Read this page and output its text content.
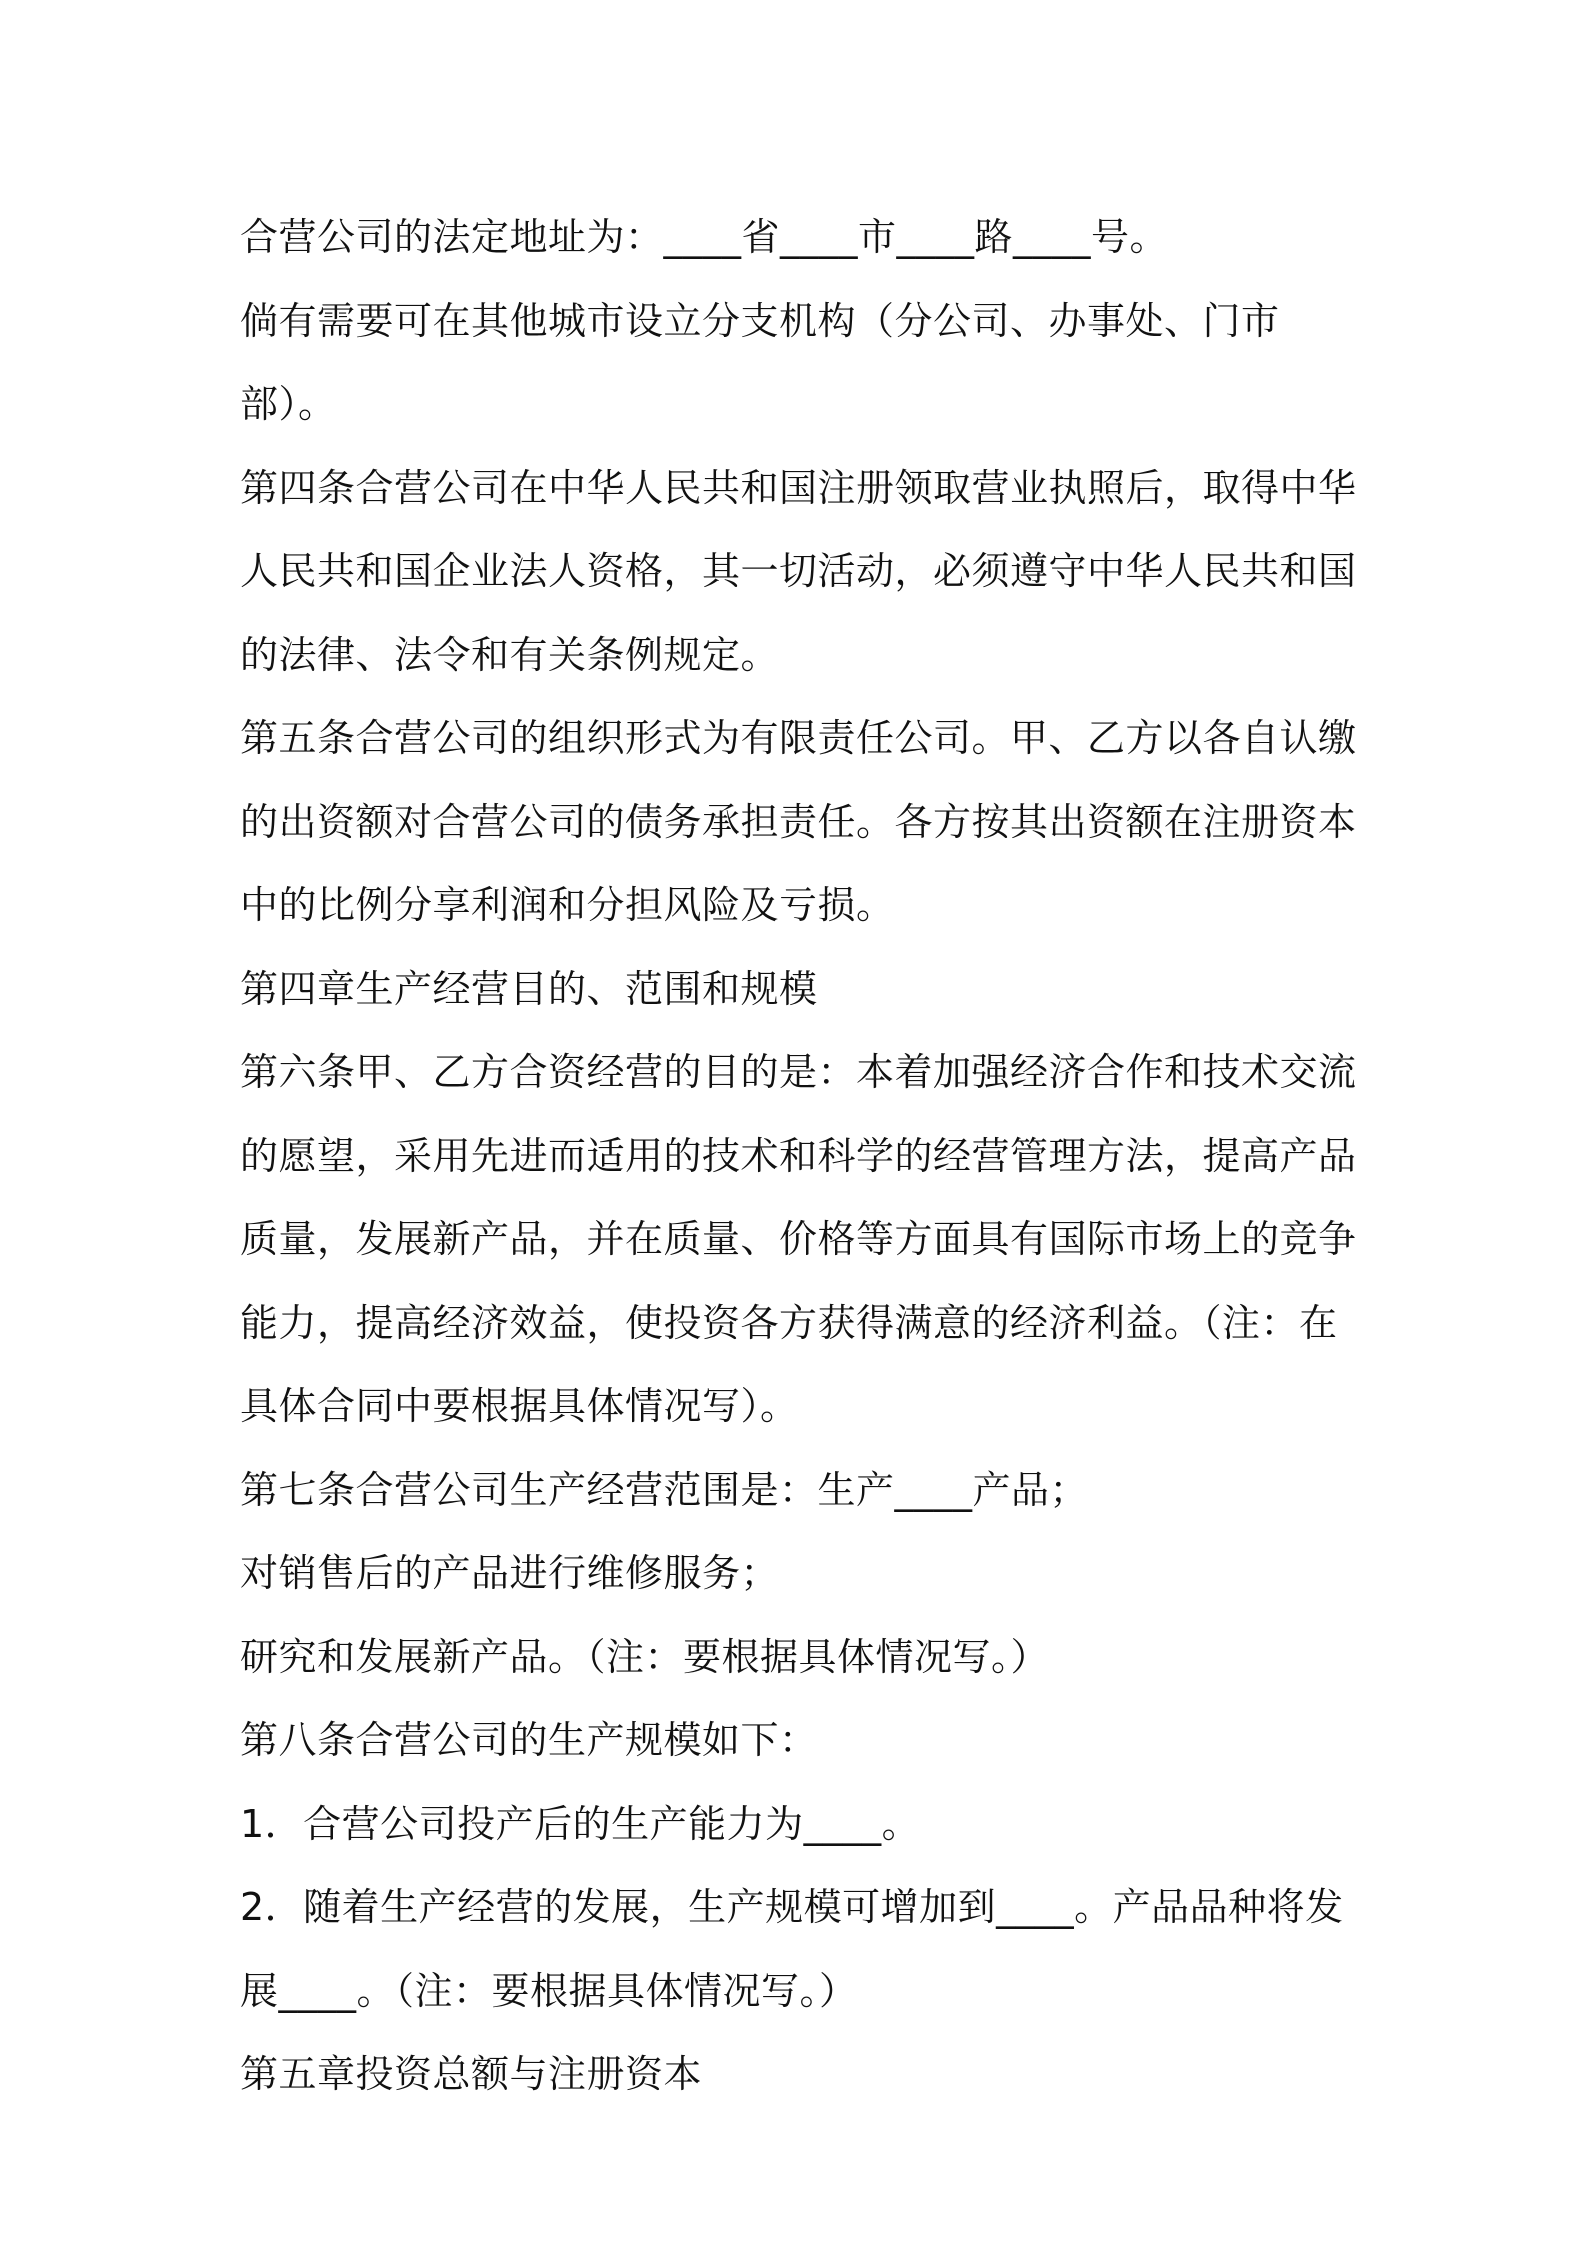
合营公司的法定地址为：____省____市____路____号。

倘有需要可在其他城市设立分支机构（分公司、办事处、门市部）。

第四条合营公司在中华人民共和国注册领取营业执照后，取得中华人民共和国企业法人资格，其一切活动，必须遵守中华人民共和国的法律、法令和有关条例规定。

第五条合营公司的组织形式为有限责任公司。甲、乙方以各自认缴的出资额对合营公司的债务承担责任。各方按其出资额在注册资本中的比例分享利润和分担风险及亏损。

第四章生产经营目的、范围和规模

第六条甲、乙方合资经营的目的是：本着加强经济合作和技术交流的愿望，采用先进而适用的技术和科学的经营管理方法，提高产品质量，发展新产品，并在质量、价格等方面具有国际市场上的竞争能力，提高经济效益，使投资各方获得满意的经济利益。（注：在具体合同中要根据具体情况写）。

第七条合营公司生产经营范围是：生产____产品；

对销售后的产品进行维修服务；

研究和发展新产品。（注：要根据具体情况写。）

第八条合营公司的生产规模如下：

1．合营公司投产后的生产能力为____。

2．随着生产经营的发展，生产规模可增加到____。产品品种将发展____。（注：要根据具体情况写。）

第五章投资总额与注册资本
